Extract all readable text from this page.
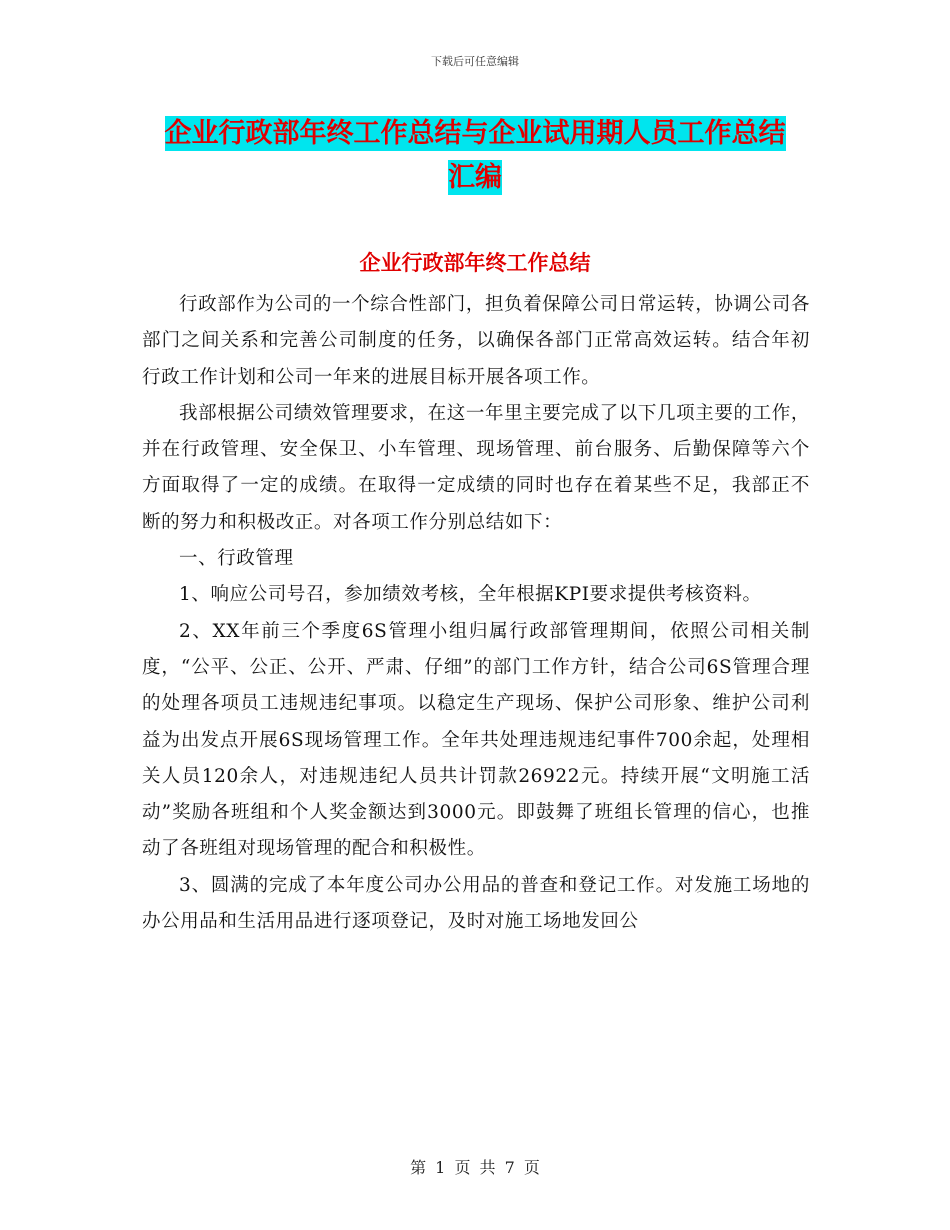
下载后可任意编辑
企业行政部年终工作总结与企业试用期人员工作总结
汇编
企业行政部年终工作总结

行政部作为公司的一个综合性部门，担负着保障公司日常运转，协调公司各部门之间关系和完善公司制度的任务，以确保各部门正常高效运转。结合年初行政工作计划和公司一年来的进展目标开展各项工作。

我部根据公司绩效管理要求，在这一年里主要完成了以下几项主要的工作，并在行政管理、安全保卫、小车管理、现场管理、前台服务、后勤保障等六个方面取得了一定的成绩。在取得一定成绩的同时也存在着某些不足，我部正不断的努力和积极改正。对各项工作分别总结如下：

一、行政管理

1、响应公司号召，参加绩效考核，全年根据KPI要求提供考核资料。

2、XX年前三个季度6S管理小组归属行政部管理期间，依照公司相关制度，“公平、公正、公开、严肃、仔细”的部门工作方针，结合公司6S管理合理的处理各项员工违规违纪事项。以稳定生产现场、保护公司形象、维护公司利益为出发点开展6S现场管理工作。全年共处理违规违纪事件700余起，处理相关人员120余人，对违规违纪人员共计罚款26922元。持续开展“文明施工活动”奖励各班组和个人奖金额达到3000元。即鼓舞了班组长管理的信心，也推动了各班组对现场管理的配合和积极性。

3、圆满的完成了本年度公司办公用品的普查和登记工作。对发施工场地的办公用品和生活用品进行逐项登记，及时对施工场地发回公

第 1 页 共 7 页
